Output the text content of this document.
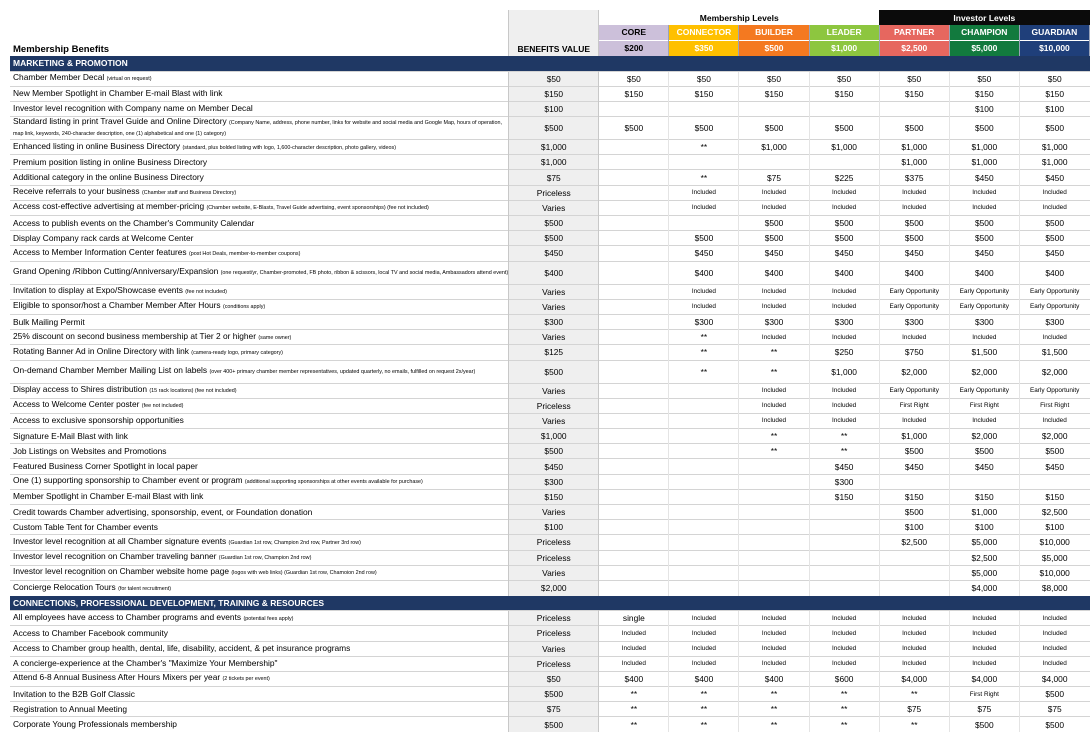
Membership Benefits	BENEFITS VALUE	Membership Levels				Investor Levels		
		CORE	CONNECTOR	BUILDER	LEADER	PARTNER	CHAMPION	GUARDIAN
		$200	$350	$500	$1,000	$2,500	$5,000	$10,000
MARKETING & PROMOTION								
Chamber Member Decal (virtual on request)	$50	$50	$50	$50	$50	$50	$50	$50
New Member Spotlight in Chamber E-mail Blast with link	$150	$150	$150	$150	$150	$150	$150	$150
Investor level recognition with Company name on Member Decal	$100						$100	$100
Standard listing in print Travel Guide and Online Directory (Company Name, address, phone number, links for website and social media and Google Map, hours of operation, map link, keywords, 240-character description, one (1) alphabetical and one (1) category)	$500	$500	$500	$500	$500	$500	$500	$500
Enhanced listing in online Business Directory (standard, plus bolded listing with logo, 1,600-character description, photo gallery, videos)	$1,000		**	$1,000	$1,000	$1,000	$1,000	$1,000
Premium position listing in online Business Directory	$1,000					$1,000	$1,000	$1,000
Additional category in the online Business Directory	$75		**	$75	$225	$375	$450	$450
Receive referrals to your business (Chamber staff and Business Directory)	Priceless		Included	Included	Included	Included	Included	Included
Access cost-effective advertising at member-pricing (Chamber website, E-Blasts, Travel Guide advertising, event sponsorships) (fee not included)	Varies		Included	Included	Included	Included	Included	Included
Access to publish events on the Chamber's Community Calendar	$500			$500	$500	$500	$500	$500
Display Company rack cards at Welcome Center	$500		$500	$500	$500	$500	$500	$500
Access to Member Information Center features (post Hot Deals, member-to-member coupons)	$450		$450	$450	$450	$450	$450	$450
Grand Opening /Ribbon Cutting/Anniversary/Expansion (one request/yr, Chamber-promoted, FB photo, ribbon & scissors, local TV and social media, Ambassadors attend event)	$400		$400	$400	$400	$400	$400	$400
Invitation to display at Expo/Showcase events (fee not included)	Varies		Included	Included	Included	Early Opportunity	Early Opportunity	Early Opportunity
Eligible to sponsor/host a Chamber Member After Hours (conditions apply)	Varies		Included	Included	Included	Early Opportunity	Early Opportunity	Early Opportunity
Bulk Mailing Permit	$300		$300	$300	$300	$300	$300	$300
25% discount on second business membership at Tier 2 or higher (same owner)	Varies		**	Included	Included	Included	Included	Included
Rotating Banner Ad in Online Directory with link (camera-ready logo, primary category)	$125		**	**	$250	$750	$1,500	$1,500
On-demand Chamber Member Mailing List on labels (over 400+ primary chamber member representatives, updated quarterly, no emails, fulfilled on request 2x/year)	$500		**	**	$1,000	$2,000	$2,000	$2,000
Display access to Shires distribution (15 rack locations) (fee not included)	Varies			Included	Included	Early Opportunity	Early Opportunity	Early Opportunity
Access to Welcome Center poster (fee not included)	Priceless			Included	Included	First Right	First Right	First Right
Access to exclusive sponsorship opportunities	Varies			Included	Included	Included	Included	Included
Signature E-Mail Blast with link	$1,000			**	**	$1,000	$2,000	$2,000
Job Listings on Websites and Promotions	$500			**	**	$500	$500	$500
Featured Business Corner Spotlight in local paper	$450				$450	$450	$450	$450
One (1) supporting sponsorship to Chamber event or program (additional supporting sponsorships at other events available for purchase)	$300				$300			
Member Spotlight in Chamber E-mail Blast with link	$150				$150	$150	$150	$150
Credit towards Chamber advertising, sponsorship, event, or Foundation donation	Varies					$500	$1,000	$2,500
Custom Table Tent for Chamber events	$100					$100	$100	$100
Investor level recognition at all Chamber signature events (Guardian 1st row, Champion 2nd row, Partner 3rd row)	Priceless					$2,500	$5,000	$10,000
Investor level recognition on Chamber traveling banner (Guardian 1st row, Champion 2nd row)	Priceless						$2,500	$5,000
Investor level recognition on Chamber website home page (logos with web links) (Guardian 1st row, Chamoion 2nd row)	Varies						$5,000	$10,000
Concierge Relocation Tours (for talent recruitment)	$2,000						$4,000	$8,000
CONNECTIONS, PROFESSIONAL DEVELOPMENT, TRAINING & RESOURCES								
All employees have access to Chamber programs and events (potential fees apply)	Priceless	single	Included	Included	Included	Included	Included	Included
Access to Chamber Facebook community	Priceless	Included	Included	Included	Included	Included	Included	Included
Access to Chamber group health, dental, life, disability, accident, & pet insurance programs	Varies	Included	Included	Included	Included	Included	Included	Included
A concierge-experience at the Chamber's "Maximize Your Membership"	Priceless	Included	Included	Included	Included	Included	Included	Included
Attend 6-8 Annual Business After Hours Mixers per year (2 tickets per event)	$50	$400	$400	$400	$600	$4,000	$4,000	$4,000
Invitation to the B2B Golf Classic	$500	**	**	**	**	**	First Right	$500
Registration to Annual Meeting	$75	**	**	**	**	$75	$75	$75
Corporate Young Professionals membership	$500	**	**	**	**	**	$500	$500
